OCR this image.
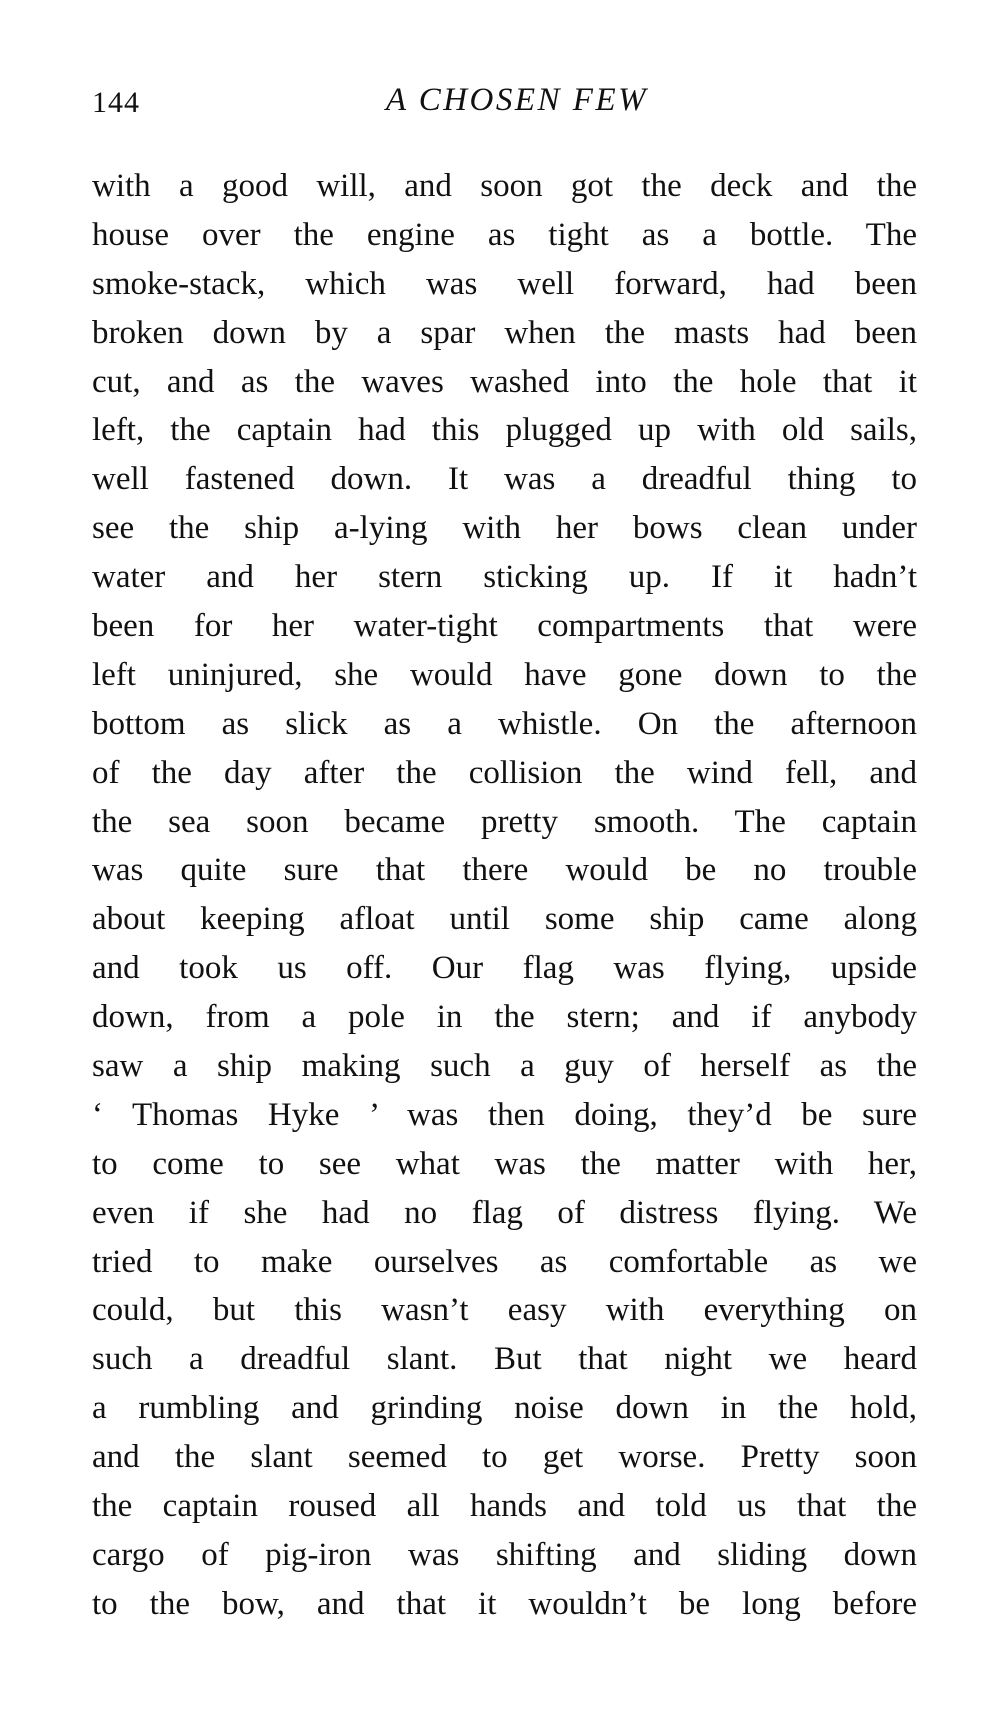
144	A CHOSEN FEW
with a good will, and soon got the deck and the
house over the engine as tight as a bottle. The
smoke-stack, which was well forward, had been
broken down by a spar when the masts had been
cut, and as the waves washed into the hole that it
left, the captain had this plugged up with old sails,
well fastened down. It was a dreadful thing to
see the ship a-lying with her bows clean under
water and her stern sticking up. If it hadn’t
been for her water-tight compartments that were
left uninjured, she would have gone down to the
bottom as slick as a whistle. On the afternoon
of the day after the collision the wind fell, and
the sea soon became pretty smooth. The captain
was quite sure that there would be no trouble
about keeping afloat until some ship came along
and took us off. Our flag was flying, upside
down, from a pole in the stern; and if anybody
saw a ship making such a guy of herself as the
‘ Thomas Hyke ’ was then doing, they’d be sure
to come to see what was the matter with her,
even if she had no flag of distress flying. We
tried to make ourselves as comfortable as we
could, but this wasn’t easy with everything on
such a dreadful slant. But that night we heard
a rumbling and grinding noise down in the hold,
and the slant seemed to get worse. Pretty soon
the captain roused all hands and told us that the
cargo of pig-iron was shifting and sliding down
to the bow, and that it wouldn’t be long before
